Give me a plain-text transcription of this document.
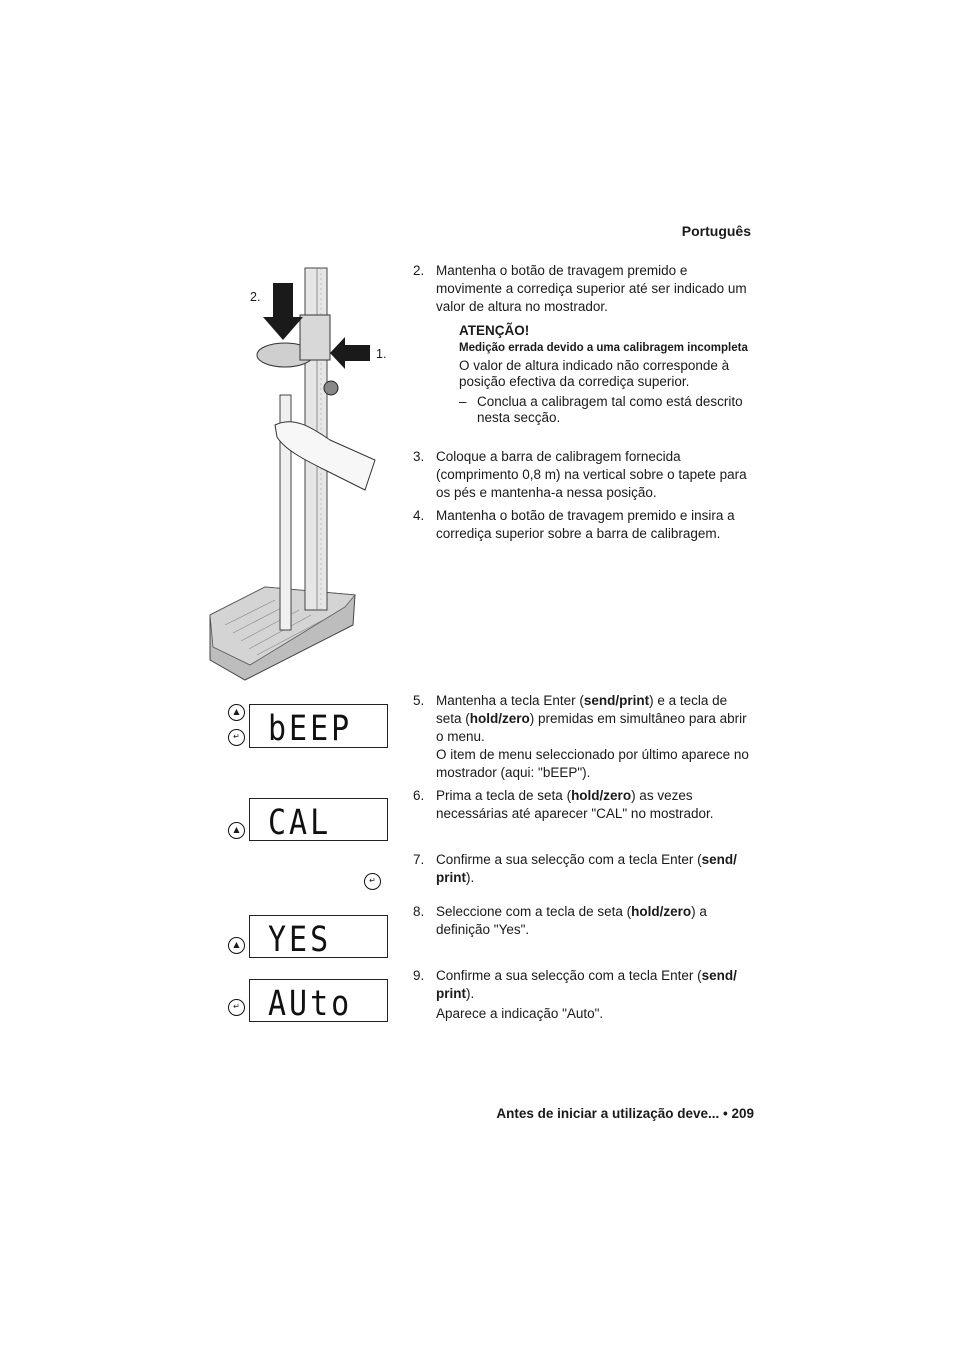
Português
2.
1.
2. Mantenha o botão de travagem premido e movimente a corrediça superior até ser indicado um valor de altura no mostrador.

ATENÇÃO!

Medição errada devido a uma calibragem incompleta

O valor de altura indicado não corresponde à posição efectiva da corrediça superior.

– Conclua a calibragem tal como está descrito nesta secção.
3. Coloque a barra de calibragem fornecida (comprimento 0,8 m) na vertical sobre o tapete para os pés e mantenha-a nessa posição.
4. Mantenha o botão de travagem premido e insira a corrediça superior sobre a barra de calibragem.
5. Mantenha a tecla Enter (send/print) e a tecla de seta (hold/zero) premidas em simultâneo para abrir o menu.
O item de menu seleccionado por último aparece no mostrador (aqui: "bEEP").
6. Prima a tecla de seta (hold/zero) as vezes necessárias até aparecer "CAL" no mostrador.
7. Confirme a sua selecção com a tecla Enter (send/ print).
8. Seleccione com a tecla de seta (hold/zero) a definição "Yes".
9. Confirme a sua selecção com a tecla Enter (send/ print).
Aparece a indicação "Auto".
▲
↵ bEEP
▲ CAL
↵
▲ YES
↵ AUto
Antes de iniciar a utilização deve... • 209
